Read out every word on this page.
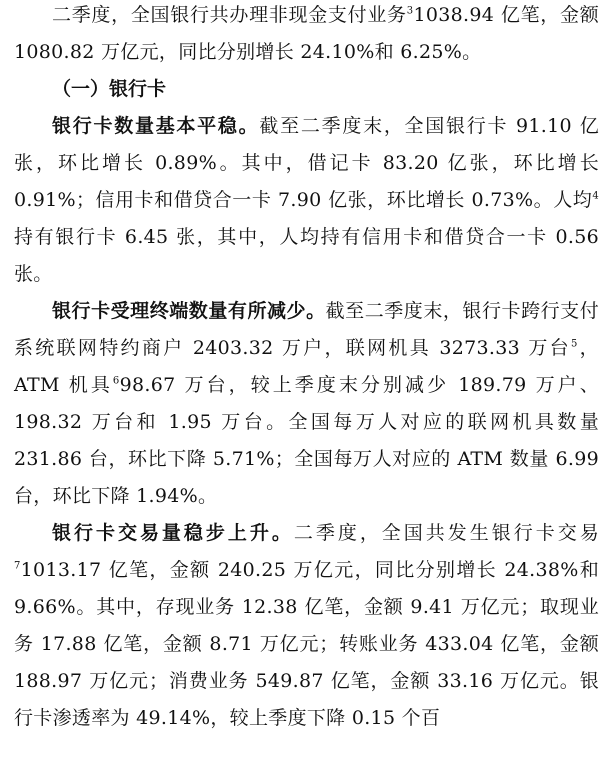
二季度，全国银行共办理非现金支付业务$^3$1038.94 亿笔，金额 1080.82 万亿元，同比分别增长 24.10%和 6.25%。

（一）银行卡

银行卡数量基本平稳。截至二季度末，全国银行卡 91.10 亿张，环比增长 0.89%。其中，借记卡 83.20 亿张，环比增长 0.91%；信用卡和借贷合一卡 7.90 亿张，环比增长 0.73%。人均$^4$持有银行卡 6.45 张，其中，人均持有信用卡和借贷合一卡 0.56 张。

银行卡受理终端数量有所减少。截至二季度末，银行卡跨行支付系统联网特约商户 2403.32 万户，联网机具 3273.33 万台$^5$，ATM 机具$^6$98.67 万台，较上季度末分别减少 189.79 万户、198.32 万台和 1.95 万台。全国每万人对应的联网机具数量 231.86 台，环比下降 5.71%；全国每万人对应的 ATM 数量 6.99 台，环比下降 1.94%。

银行卡交易量稳步上升。二季度，全国共发生银行卡交易$^7$1013.17 亿笔，金额 240.25 万亿元，同比分别增长 24.38%和 9.66%。其中，存现业务 12.38 亿笔，金额 9.41 万亿元；取现业务 17.88 亿笔，金额 8.71 万亿元；转账业务 433.04 亿笔，金额 188.97 万亿元；消费业务 549.87 亿笔，金额 33.16 万亿元。银行卡渗透率为 49.14%，较上季度下降 0.15 个百
